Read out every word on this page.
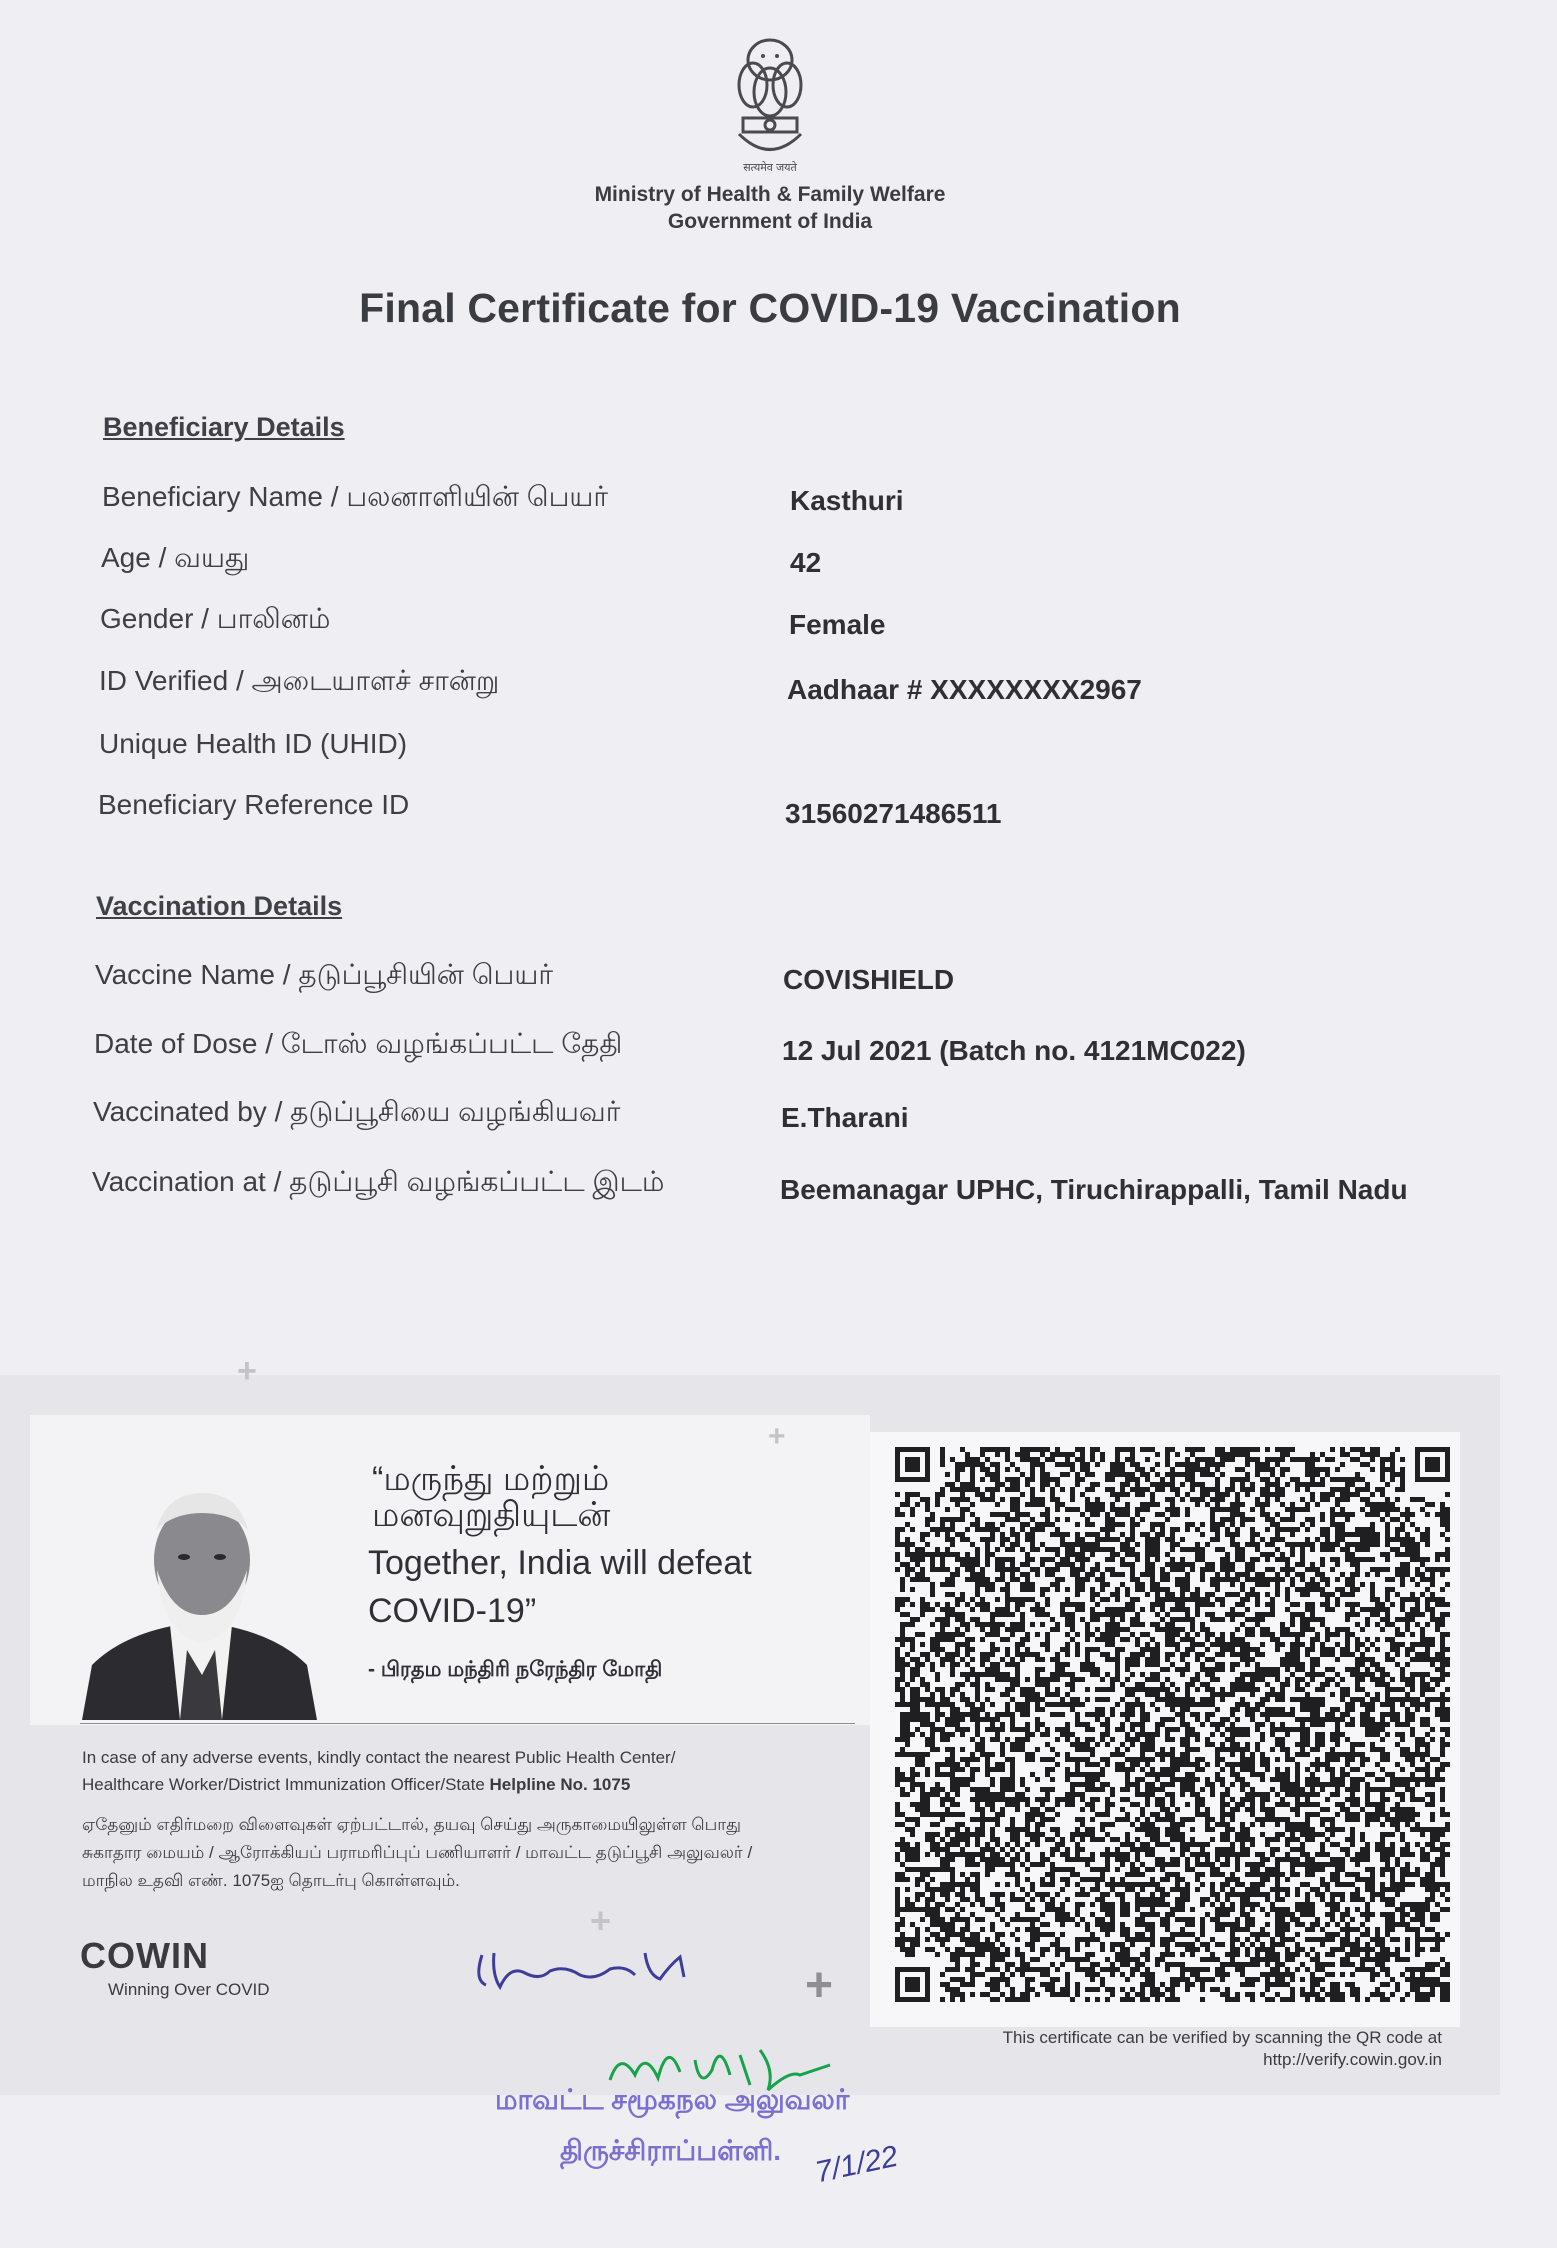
सत्यमेव जयते
Ministry of Health & Family Welfare
Government of India
Final Certificate for COVID-19 Vaccination
Beneficiary Details
Beneficiary Name / பலனாளியின் பெயர்	Kasthuri
Age / வயது	42
Gender / பாலினம்	Female
ID Verified / அடையாளச் சான்று	Aadhaar # XXXXXXXX2967
Unique Health ID (UHID)
Beneficiary Reference ID	31560271486511
Vaccination Details
Vaccine Name / தடுப்பூசியின் பெயர்	COVISHIELD
Date of Dose / டோஸ் வழங்கப்பட்ட தேதி	12 Jul 2021 (Batch no. 4121MC022)
Vaccinated by / தடுப்பூசியை வழங்கியவர்	E.Tharani
Vaccination at / தடுப்பூசி வழங்கப்பட்ட இடம்	Beemanagar UPHC, Tiruchirappalli, Tamil Nadu
+
+
+
+
“மருந்து மற்றும்
மனவுறுதியுடன்
Together, India will defeat
COVID-19”
- பிரதம மந்திரி நரேந்திர மோதி
In case of any adverse events, kindly contact the nearest Public Health Center/
Healthcare Worker/District Immunization Officer/State Helpline No. 1075
ஏதேனும் எதிர்மறை விளைவுகள் ஏற்பட்டால், தயவு செய்து அருகாமையிலுள்ள பொது
சுகாதார மையம் / ஆரோக்கியப் பராமரிப்புப் பணியாளர் / மாவட்ட தடுப்பூசி அலுவலர் /
மாநில உதவி எண். 1075ஐ தொடர்பு கொள்ளவும்.
COWIN
Winning Over COVID
This certificate can be verified by scanning the QR code at
http://verify.cowin.gov.in
மாவட்ட சமூகநல அலுவலர்
திருச்சிராப்பள்ளி. 7/1/22
